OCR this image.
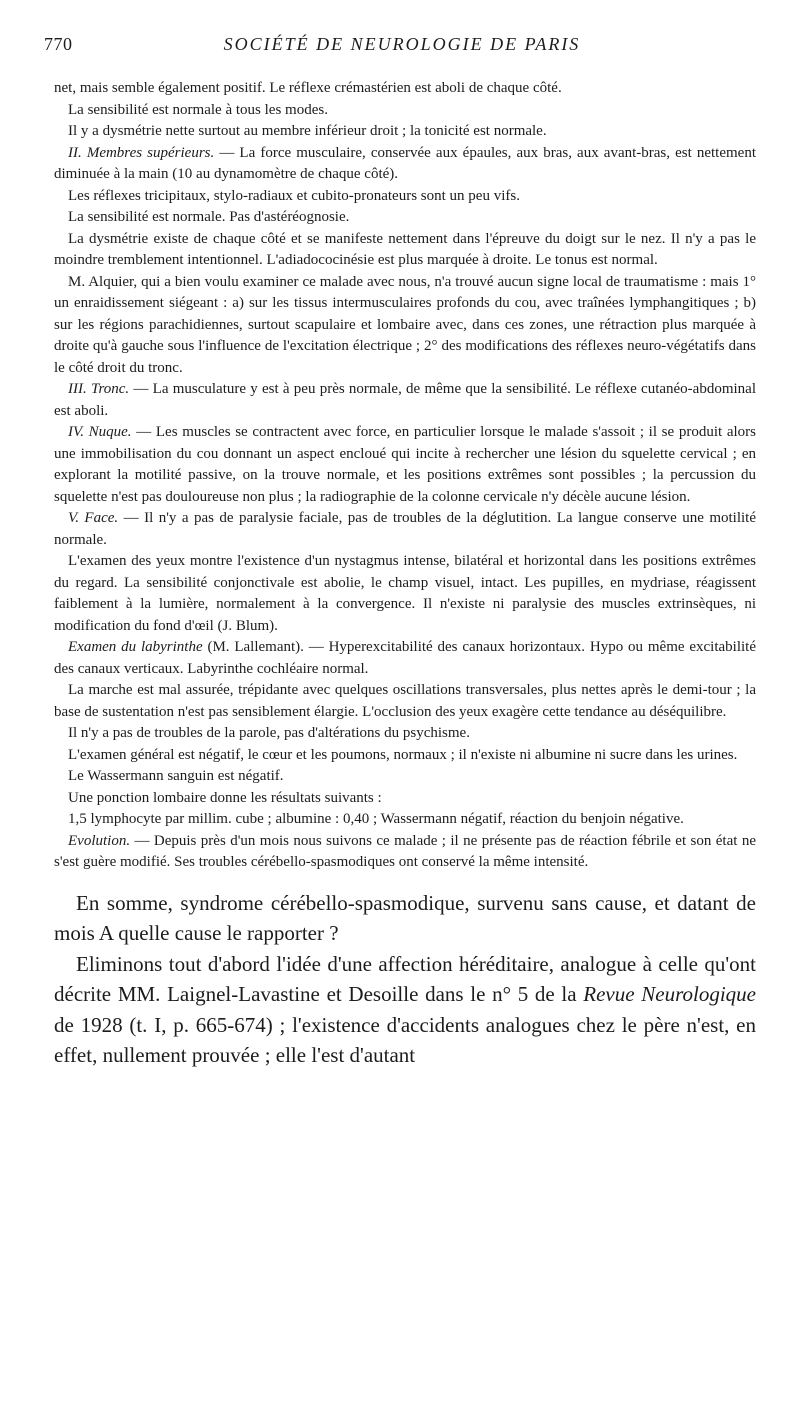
770	SOCIÉTÉ DE NEUROLOGIE DE PARIS

net, mais semble également positif. Le réflexe crémastérien est aboli de chaque côté.

La sensibilité est normale à tous les modes.

Il y a dysmétrie nette surtout au membre inférieur droit ; la tonicité est normale.

II. Membres supérieurs. — La force musculaire, conservée aux épaules, aux bras, aux avant-bras, est nettement diminuée à la main (10 au dynamomètre de chaque côté).

Les réflexes tricipitaux, stylo-radiaux et cubito-pronateurs sont un peu vifs.

La sensibilité est normale. Pas d'astéréognosie.

La dysmétrie existe de chaque côté et se manifeste nettement dans l'épreuve du doigt sur le nez. Il n'y a pas le moindre tremblement intentionnel. L'adiadococinésie est plus marquée à droite. Le tonus est normal.

M. Alquier, qui a bien voulu examiner ce malade avec nous, n'a trouvé aucun signe local de traumatisme : mais 1° un enraidissement siégeant : a) sur les tissus intermusculaires profonds du cou, avec traînées lymphangitiques ; b) sur les régions parachidiennes, surtout scapulaire et lombaire avec, dans ces zones, une rétraction plus marquée à droite qu'à gauche sous l'influence de l'excitation électrique ; 2° des modifications des réflexes neuro-végétatifs dans le côté droit du tronc.

III. Tronc. — La musculature y est à peu près normale, de même que la sensibilité. Le réflexe cutanéo-abdominal est aboli.

IV. Nuque. — Les muscles se contractent avec force, en particulier lorsque le malade s'assoit ; il se produit alors une immobilisation du cou donnant un aspect encloué qui incite à rechercher une lésion du squelette cervical ; en explorant la motilité passive, on la trouve normale, et les positions extrêmes sont possibles ; la percussion du squelette n'est pas douloureuse non plus ; la radiographie de la colonne cervicale n'y décèle aucune lésion.

V. Face. — Il n'y a pas de paralysie faciale, pas de troubles de la déglutition. La langue conserve une motilité normale.

L'examen des yeux montre l'existence d'un nystagmus intense, bilatéral et horizontal dans les positions extrêmes du regard. La sensibilité conjonctivale est abolie, le champ visuel, intact. Les pupilles, en mydriase, réagissent faiblement à la lumière, normalement à la convergence. Il n'existe ni paralysie des muscles extrinsèques, ni modification du fond d'œil (J. Blum).

Examen du labyrinthe (M. Lallemant). — Hyperexcitabilité des canaux horizontaux. Hypo ou même excitabilité des canaux verticaux. Labyrinthe cochléaire normal.

La marche est mal assurée, trépidante avec quelques oscillations transversales, plus nettes après le demi-tour ; la base de sustentation n'est pas sensiblement élargie. L'occlusion des yeux exagère cette tendance au déséquilibre.

Il n'y a pas de troubles de la parole, pas d'altérations du psychisme.

L'examen général est négatif, le cœur et les poumons, normaux ; il n'existe ni albumine ni sucre dans les urines.

Le Wassermann sanguin est négatif.

Une ponction lombaire donne les résultats suivants :

1,5 lymphocyte par millim. cube ; albumine : 0,40 ; Wassermann négatif, réaction du benjoin négative.

Evolution. — Depuis près d'un mois nous suivons ce malade ; il ne présente pas de réaction fébrile et son état ne s'est guère modifié. Ses troubles cérébello-spasmodiques ont conservé la même intensité.

En somme, syndrome cérébello-spasmodique, survenu sans cause, et datant de mois A quelle cause le rapporter ?

Eliminons tout d'abord l'idée d'une affection héréditaire, analogue à celle qu'ont décrite MM. Laignel-Lavastine et Desoille dans le n° 5 de la Revue Neurologique de 1928 (t. I, p. 665-674) ; l'existence d'accidents analogues chez le père n'est, en effet, nullement prouvée ; elle l'est d'autant
